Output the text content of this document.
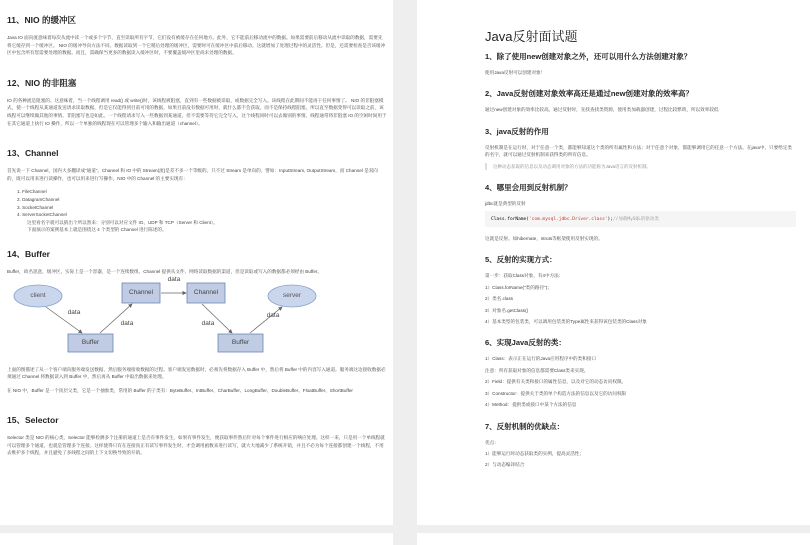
11、NIO 的缓冲区
Java IO 面向流意味着每次从流中读一个或多个字节，直至读取所有字节，它们没有被缓存在任何地方。此外，它不能前后移动流中的数据。如果需要前后移动从流中读取的数据，需要先将它缓存到一个缓冲区。 NIO 的缓冲导向方法不同。数据读取到一个它稍后处理的缓冲区，需要时可在缓冲区中前后移动。这就增加了处理过程中的灵活性。但是，还需要检查是否该缓冲区中包含所有您需要处理的数据。而且，需确保当更多的数据读入缓冲区时，不要覆盖缓冲区里尚未处理的数据。
12、NIO 的非阻塞
IO 的各种流是阻塞的。这意味着，当一个线程调用 read() 或 write()时，该线程被阻塞，直到有一些数据被读取，或数据完全写入。该线程在此期间不能再干任何事情了。 NIO 的非阻塞模式，使一个线程从某通道发送请求读取数据，但是它仅能得到目前可用的数据，如果目前没有数据可用时，就什么都不会获取。而不是保持线程阻塞，所以直至数据变得可以读取之前，该线程可以继续做其他的事情。非阻塞写也是如此。一个线程请求写入一些数据到某通道，但不需要等待它完全写入，这个线程同时可以去做别的事情。线程通常将非阻塞 IO 的空闲时间用于在其它通道上执行 IO 操作，所以一个单独的线程现在可以管理多个输入和输出通道（channel）。
13、Channel
首先说一下 Channel，国内大多翻译成“通道”。Channel 和 IO 中的 Stream(流)是差不多一个等级的。只不过 Stream 是单向的，譬如：InputStream, OutputStream，而 Channel 是双向的，既可以用来进行读操作，也可以用来进行写操作。NIO 中的 Channel 的主要实现有：
1. FileChannel
2. DatagramChannel
3. SocketChannel
4. ServerSocketChannel
这里看名字就可以猜出个所以然来：分别可以对应文件 IO、UDP 和 TCP（Server 和 Client）。
下面演示的案例基本上就是围绕这 4 个类型的 Channel 进行陈述的。
14、Buffer
Buffer，故名思意，缓冲区，实际上是一个容器，是一个连续数组。Channel 提供从文件、网络读取数据的渠道，但是读取或写入的数据都必须经由 Buffer。
client	server
Channel	Channel
Buffer	Buffer
data
data
data
data
data
上面的图描述了从一个客户端向服务端发送数据，然后服务端接收数据的过程。客户端发送数据时，必须先将数据存入 Buffer 中，然后将 Buffer 中的内容写入通道。服务端这边接收数据必须通过 Channel 将数据读入到 Buffer 中，然后再从 Buffer 中取出数据来处理。
在 NIO 中，Buffer 是一个顶层父类，它是一个抽象类，常用的 Buffer 的子类有：ByteBuffer、IntBuffer、CharBuffer、LongBuffer、DoubleBuffer、FloatBuffer、ShortBuffer
15、Selector
Selector 类是 NIO 的核心类，Selector 能够检测多个注册的通道上是否有事件发生，如果有事件发生，便获取事件然后针对每个事件进行相应的响应处理。这样一来，只是用一个单线程就可以管理多个通道，也就是管理多个连接。这样使得只有在连接真正有读写事件发生时，才会调用函数来进行读写，就大大地减少了系统开销，并且不必为每个连接都创建一个线程，不用去维护多个线程，并且避免了多线程之间的上下文切换导致的开销。
Java反射面试题
1、除了使用new创建对象之外，还可以用什么方法创建对象？
使用Java反射可以创建对象！
2、Java反射创建对象效率高还是通过new创建对象的效率高？
通过new创建对象的效率比较高。通过反射时，先找查找类资源，使用类加载器创建，过程比较繁琐，所以效率较低
3、java反射的作用
反射机制是在运行时，对于任意一个类，都能够知道这个类的所有属性和方法；对于任意个对象，都能够调用它的任意一个方法。在java中，只要给定类的名字，就可以通过反射机制来获得类的所有信息。
这种动态获取的信息以及动态调用对象的方法的功能称为Java语言的反射机制。
4、哪里会用到反射机制？
jdbc就是典型的反射
Class.forName('com.mysql.jdbc.Driver.class');//加载MySQL的驱动类
这就是反射。如hibernate，struts等框架使用反射实现的。
5、反射的实现方式：
第一步：获取Class对象，有4中方法：
1）Class.forName("类的路径")；
2）类名.class
3）对象名.getClass()
4）基本类型的包装类，可以调用包装类的Type属性来获得该包装类的Class对象
6、实现Java反射的类：
1）Class：表示正在运行的Java应用程序中的类和接口
注意：所有获取对象的信息都需要Class类来实现。
2）Field：提供有关类和接口的属性信息，以及对它的动态访问权限。
3）Constructor：提供关于类的单个构造方法的信息以及它的访问权限
4）Method：提供类或接口中某个方法的信息
7、反射机制的优缺点：
优点：
1）能够运行时动态获取类的实例，提高灵活性；
2）与动态编译结合
